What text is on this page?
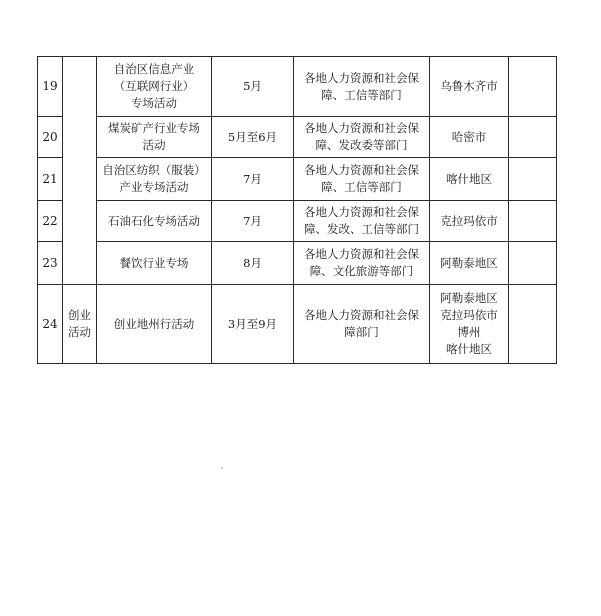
19		自治区信息产业
（互联网行业）
专场活动	5月	各地人力资源和社会保
障、工信等部门	乌鲁木齐市	
20		煤炭矿产行业专场
活动	5月至6月	各地人力资源和社会保
障、发改委等部门	哈密市	
21		自治区纺织（服装）
产业专场活动	7月	各地人力资源和社会保
障、工信等部门	喀什地区	
22		石油石化专场活动	7月	各地人力资源和社会保
障、发改、工信等部门	克拉玛依市	
23		餐饮行业专场	8月	各地人力资源和社会保
障、文化旅游等部门	阿勒泰地区	
24	创业
活动	创业地州行活动	3月至9月	各地人力资源和社会保
障部门	阿勒泰地区
克拉玛依市
博州
喀什地区	
